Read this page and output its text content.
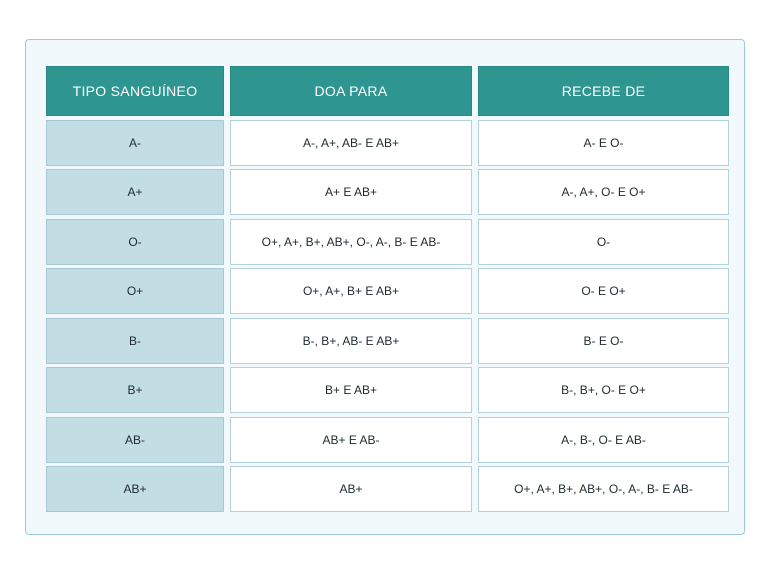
TIPO SANGUÍNEO	DOA PARA	RECEBE DE
A-	A-, A+, AB- E AB+	A- E O-
A+	A+ E AB+	A-, A+, O- E O+
O-	O+, A+, B+, AB+, O-, A-, B- E AB-	O-
O+	O+, A+, B+ E AB+	O- E O+
B-	B-, B+, AB- E AB+	B- E O-
B+	B+ E AB+	B-, B+, O- E O+
AB-	AB+ E AB-	A-, B-, O- E AB-
AB+	AB+	O+, A+, B+, AB+, O-, A-, B- E AB-
